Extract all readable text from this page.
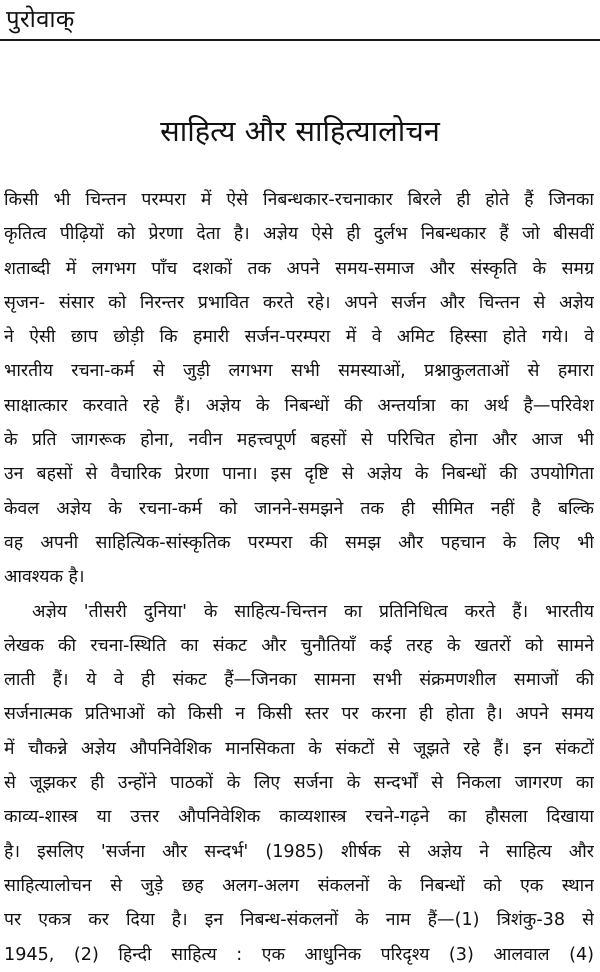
पुरोवाक्
साहित्य और साहित्यालोचन
किसी भी चिन्तन परम्परा में ऐसे निबन्धकार-रचनाकार बिरले ही होते हैं जिनका
कृतित्व पीढ़ियों को प्रेरणा देता है। अज्ञेय ऐसे ही दुर्लभ निबन्धकार हैं जो बीसवीं
शताब्दी में लगभग पाँच दशकों तक अपने समय-समाज और संस्कृति के समग्र
सृजन- संसार को निरन्तर प्रभावित करते रहे। अपने सर्जन और चिन्तन से अज्ञेय
ने ऐसी छाप छोड़ी कि हमारी सर्जन-परम्परा में वे अमिट हिस्सा होते गये। वे
भारतीय रचना-कर्म से जुड़ी लगभग सभी समस्याओं, प्रश्नाकुलताओं से हमारा
साक्षात्कार करवाते रहे हैं। अज्ञेय के निबन्धों की अन्तर्यात्रा का अर्थ है—परिवेश
के प्रति जागरूक होना, नवीन महत्त्वपूर्ण बहसों से परिचित होना और आज भी
उन बहसों से वैचारिक प्रेरणा पाना। इस दृष्टि से अज्ञेय के निबन्धों की उपयोगिता
केवल अज्ञेय के रचना-कर्म को जानने-समझने तक ही सीमित नहीं है बल्कि
वह अपनी साहित्यिक-सांस्कृतिक परम्परा की समझ और पहचान के लिए भी
आवश्यक है।
अज्ञेय 'तीसरी दुनिया' के साहित्य-चिन्तन का प्रतिनिधित्व करते हैं। भारतीय
लेखक की रचना-स्थिति का संकट और चुनौतियाँ कई तरह के खतरों को सामने
लाती हैं। ये वे ही संकट हैं—जिनका सामना सभी संक्रमणशील समाजों की
सर्जनात्मक प्रतिभाओं को किसी न किसी स्तर पर करना ही होता है। अपने समय
में चौकन्ने अज्ञेय औपनिवेशिक मानसिकता के संकटों से जूझते रहे हैं। इन संकटों
से जूझकर ही उन्होंने पाठकों के लिए सर्जना के सन्दर्भों से निकला जागरण का
काव्य-शास्त्र या उत्तर औपनिवेशिक काव्यशास्त्र रचने-गढ़ने का हौसला दिखाया
है। इसलिए 'सर्जना और सन्दर्भ' (1985) शीर्षक से अज्ञेय ने साहित्य और
साहित्यालोचन से जुड़े छह अलग-अलग संकलनों के निबन्धों को एक स्थान
पर एकत्र कर दिया है। इन निबन्ध-संकलनों के नाम हैं—(1) त्रिशंकु-38 से
1945, (2) हिन्दी साहित्य : एक आधुनिक परिदृश्य (3) आलवाल (4)
